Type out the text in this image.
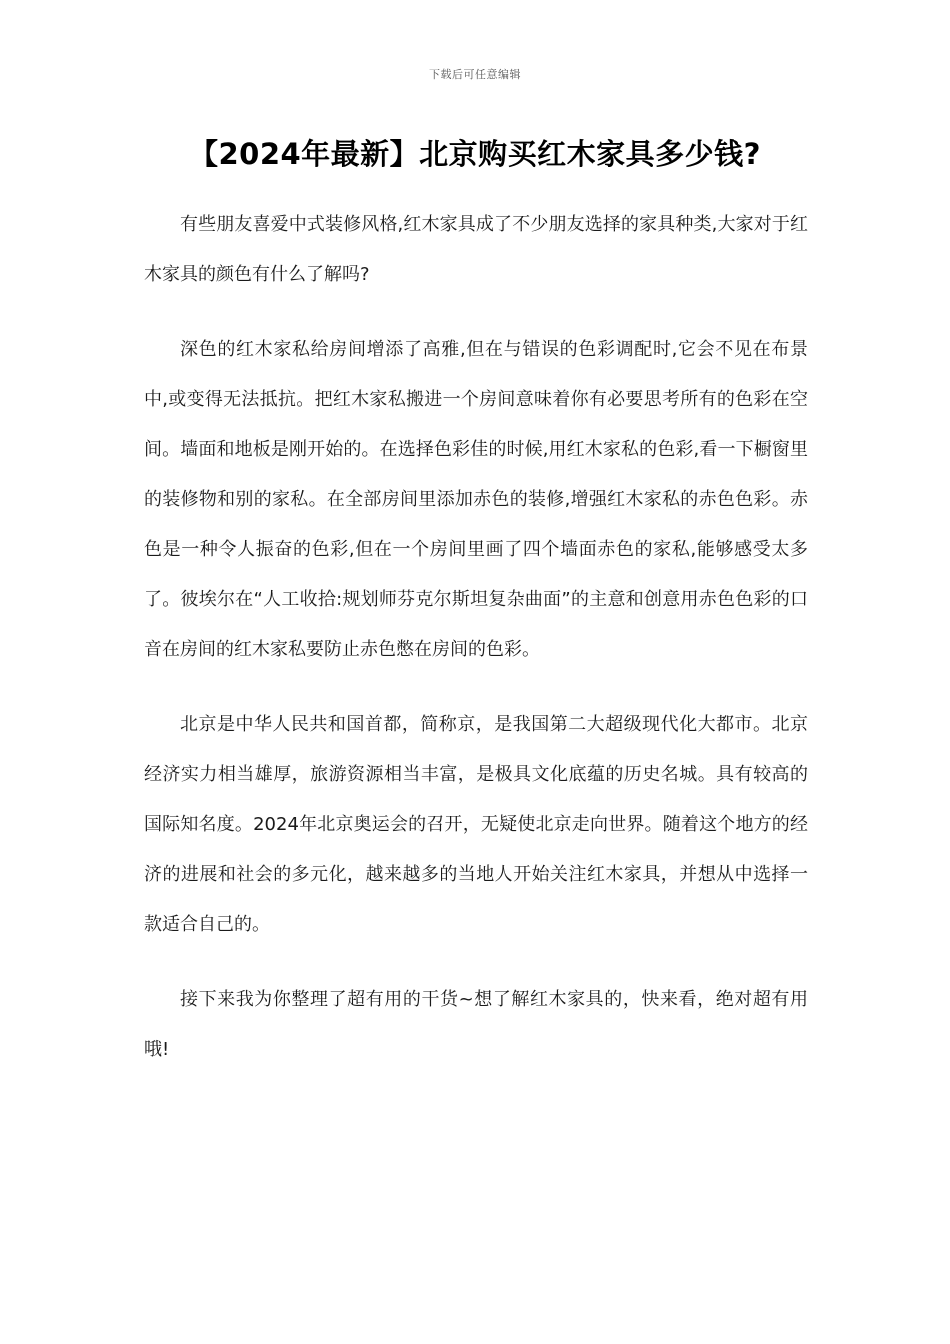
下载后可任意编辑
【2024年最新】北京购买红木家具多少钱?

有些朋友喜爱中式装修风格,红木家具成了不少朋友选择的家具种类,大家对于红木家具的颜色有什么了解吗?

深色的红木家私给房间增添了高雅,但在与错误的色彩调配时,它会不见在布景中,或变得无法抵抗。把红木家私搬进一个房间意味着你有必要思考所有的色彩在空间。墙面和地板是刚开始的。在选择色彩佳的时候,用红木家私的色彩,看一下橱窗里的装修物和别的家私。在全部房间里添加赤色的装修,增强红木家私的赤色色彩。赤色是一种令人振奋的色彩,但在一个房间里画了四个墙面赤色的家私,能够感受太多了。彼埃尔在“人工收拾:规划师芬克尔斯坦复杂曲面”的主意和创意用赤色色彩的口音在房间的红木家私要防止赤色憋在房间的色彩。

北京是中华人民共和国首都，简称京，是我国第二大超级现代化大都市。北京经济实力相当雄厚，旅游资源相当丰富，是极具文化底蕴的历史名城。具有较高的国际知名度。2024年北京奥运会的召开，无疑使北京走向世界。随着这个地方的经济的进展和社会的多元化，越来越多的当地人开始关注红木家具，并想从中选择一款适合自己的。

接下来我为你整理了超有用的干货~想了解红木家具的，快来看，绝对超有用哦!
